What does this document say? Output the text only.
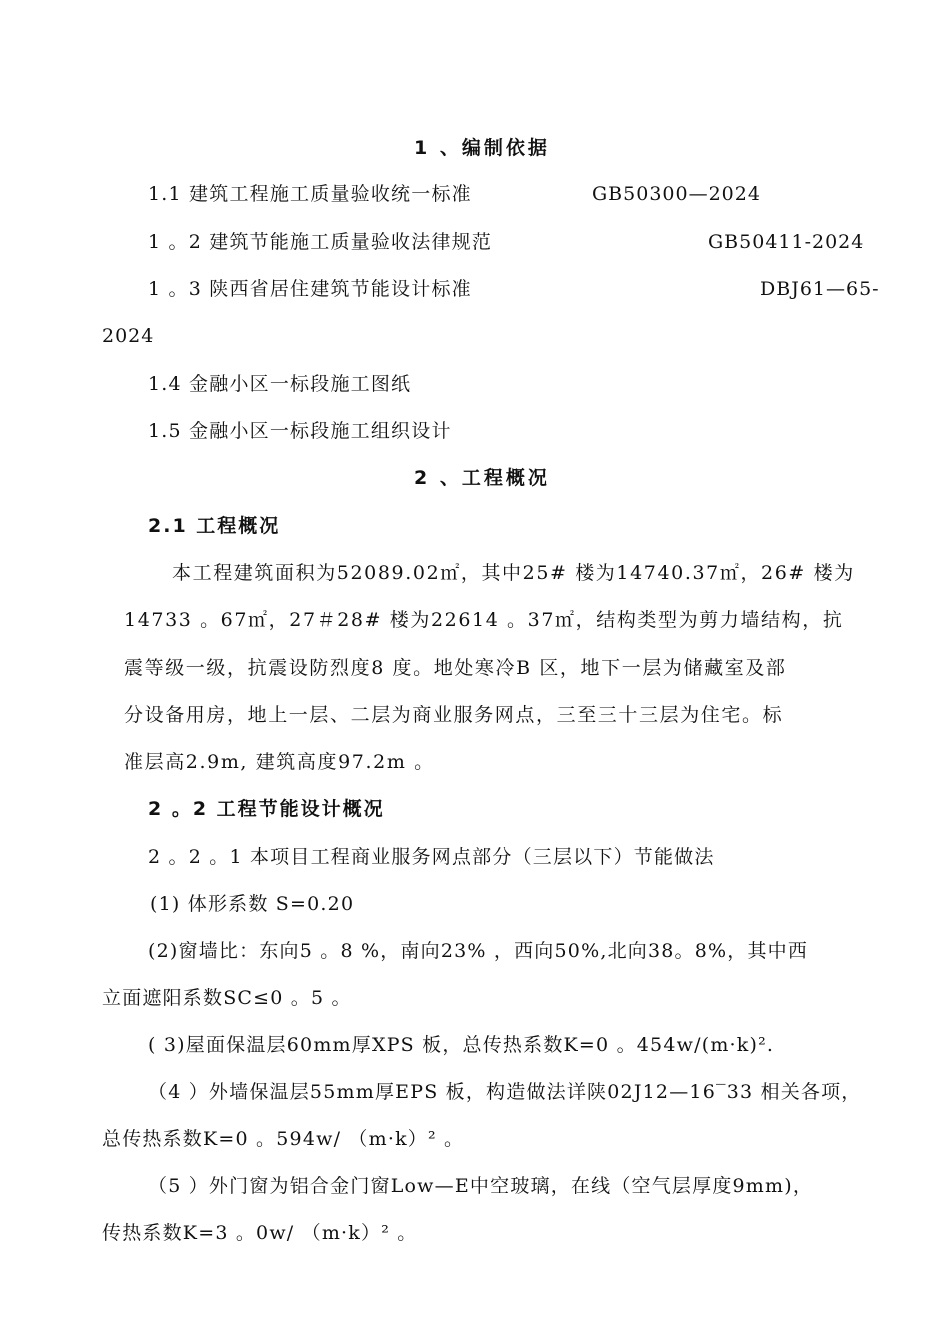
1 、编制依据
1.1 建筑工程施工质量验收统一标准	GB50300—2024
1 。2 建筑节能施工质量验收法律规范	GB50411-2024
1 。3 陕西省居住建筑节能设计标准	DBJ61—65-
2024
1.4 金融小区一标段施工图纸
1.5 金融小区一标段施工组织设计
2 、工程概况
2.1 工程概况
本工程建筑面积为52089.02㎡，其中25# 楼为14740.37㎡，26# 楼为
14733 。67㎡，27＃28# 楼为22614 。37㎡，结构类型为剪力墙结构，抗
震等级一级，抗震设防烈度8 度。地处寒冷B 区，地下一层为储藏室及部
分设备用房，地上一层、二层为商业服务网点，三至三十三层为住宅。标
准层高2.9m, 建筑高度97.2m 。
2 。2 工程节能设计概况
2 。2 。1 本项目工程商业服务网点部分（三层以下）节能做法
(1) 体形系数 S=0.20
(2)窗墙比：东向5 。8 %，南向23% ，西向50%,北向38。8%，其中西
立面遮阳系数SC≤0 。5 。
( 3)屋面保温层60mm厚XPS 板，总传热系数K=0 。454w/(m·k)².
（4 ）外墙保温层55mm厚EPS 板，构造做法详陕02J12—16‾33 相关各项，
总传热系数K=0 。594w/ （m·k）² 。
（5 ）外门窗为铝合金门窗Low—E中空玻璃，在线（空气层厚度9mm)，
传热系数K=3 。0w/ （m·k）² 。
